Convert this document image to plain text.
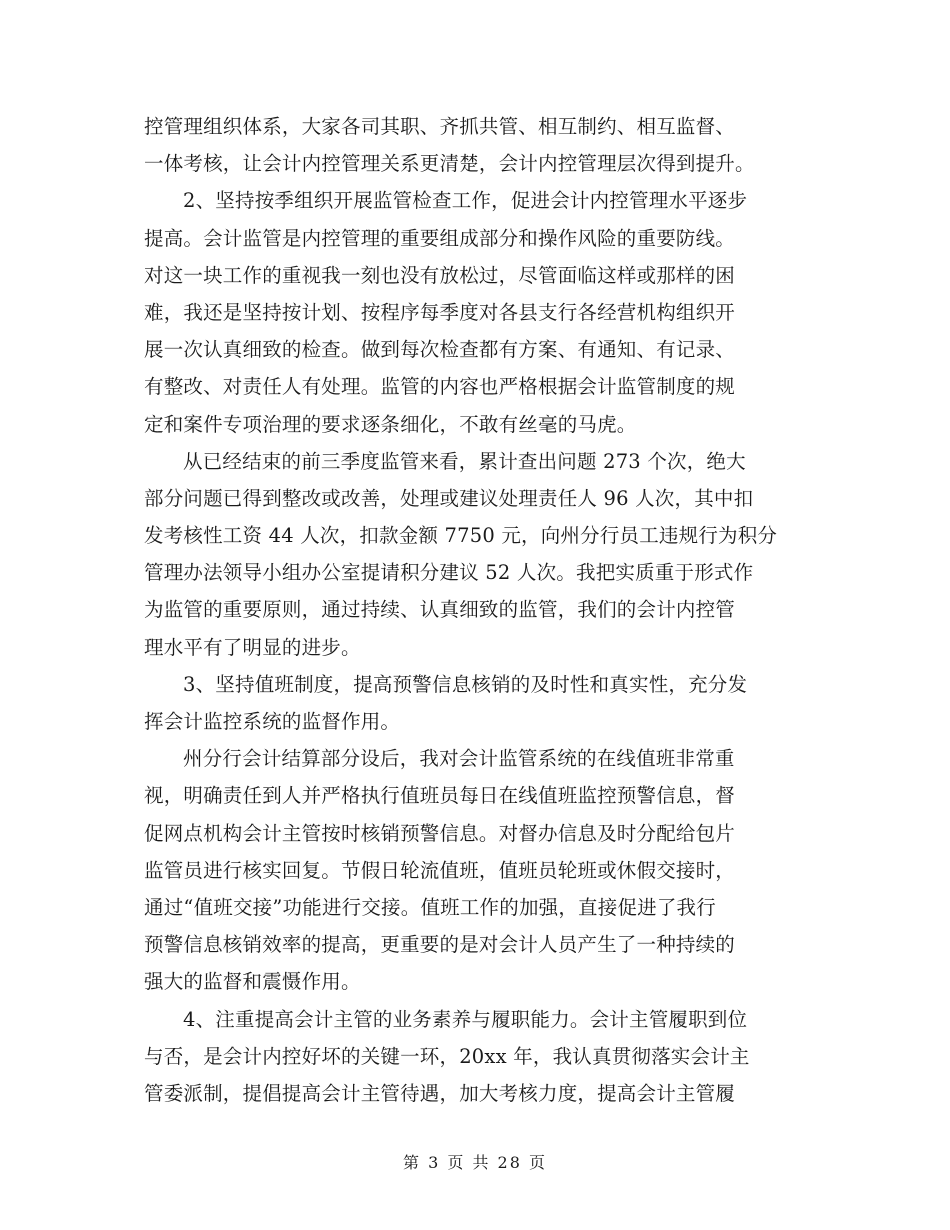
控管理组织体系，大家各司其职、齐抓共管、相互制约、相互监督、
一体考核，让会计内控管理关系更清楚，会计内控管理层次得到提升。
2、坚持按季组织开展监管检查工作，促进会计内控管理水平逐步
提高。会计监管是内控管理的重要组成部分和操作风险的重要防线。
对这一块工作的重视我一刻也没有放松过，尽管面临这样或那样的困
难，我还是坚持按计划、按程序每季度对各县支行各经营机构组织开
展一次认真细致的检查。做到每次检查都有方案、有通知、有记录、
有整改、对责任人有处理。监管的内容也严格根据会计监管制度的规
定和案件专项治理的要求逐条细化，不敢有丝毫的马虎。
从已经结束的前三季度监管来看，累计查出问题 273 个次，绝大
部分问题已得到整改或改善，处理或建议处理责任人 96 人次，其中扣
发考核性工资 44 人次，扣款金额 7750 元，向州分行员工违规行为积分
管理办法领导小组办公室提请积分建议 52 人次。我把实质重于形式作
为监管的重要原则，通过持续、认真细致的监管，我们的会计内控管
理水平有了明显的进步。
3、坚持值班制度，提高预警信息核销的及时性和真实性，充分发
挥会计监控系统的监督作用。
州分行会计结算部分设后，我对会计监管系统的在线值班非常重
视，明确责任到人并严格执行值班员每日在线值班监控预警信息，督
促网点机构会计主管按时核销预警信息。对督办信息及时分配给包片
监管员进行核实回复。节假日轮流值班，值班员轮班或休假交接时，
通过“值班交接”功能进行交接。值班工作的加强，直接促进了我行
预警信息核销效率的提高，更重要的是对会计人员产生了一种持续的
强大的监督和震慑作用。
4、注重提高会计主管的业务素养与履职能力。会计主管履职到位
与否，是会计内控好坏的关键一环，20xx 年，我认真贯彻落实会计主
管委派制，提倡提高会计主管待遇，加大考核力度，提高会计主管履
第 3 页 共 28 页
